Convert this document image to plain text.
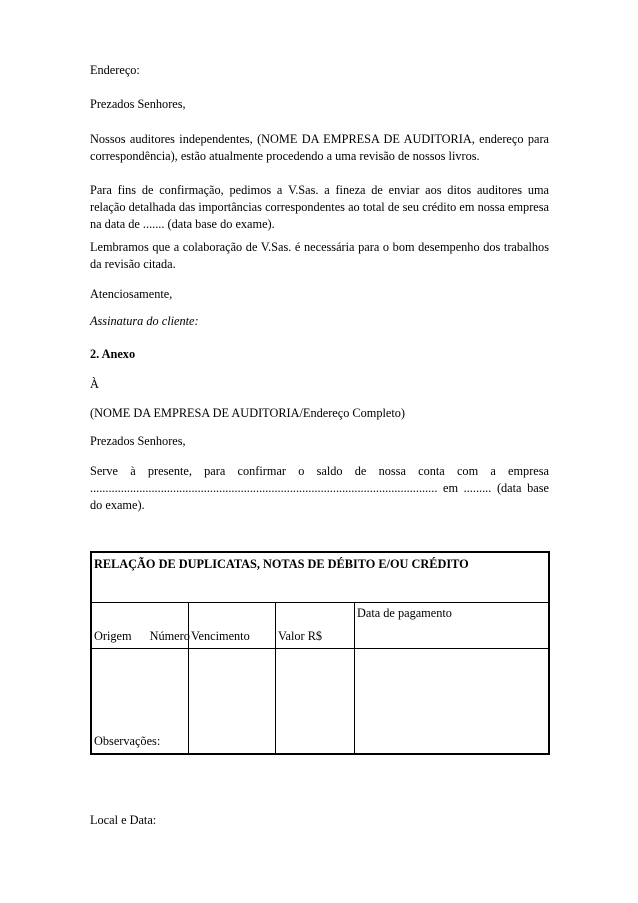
Endereço:

Prezados Senhores,

Nossos auditores independentes, (NOME DA EMPRESA DE AUDITORIA, endereço para correspondência), estão atualmente procedendo a uma revisão de nossos livros.

Para fins de confirmação, pedimos a V.Sas. a fineza de enviar aos ditos auditores uma relação detalhada das importâncias correspondentes ao total de seu crédito em nossa empresa na data de ....... (data base do exame).

Lembramos que a colaboração de V.Sas. é necessária para o bom desempenho dos trabalhos da revisão citada.

Atenciosamente,

Assinatura do cliente:

2. Anexo

À

(NOME DA EMPRESA DE AUDITORIA/Endereço Completo)

Prezados Senhores,

Serve à presente, para confirmar o saldo de nossa conta com a empresa ................................................................................................................. em ......... (data base do exame).

RELAÇÃO DE DUPLICATAS, NOTAS DE DÉBITO E/OU CRÉDITO			

Origem Número	Vencimento	Valor R$	Data de pagamento

Observações:			

Local e Data:
